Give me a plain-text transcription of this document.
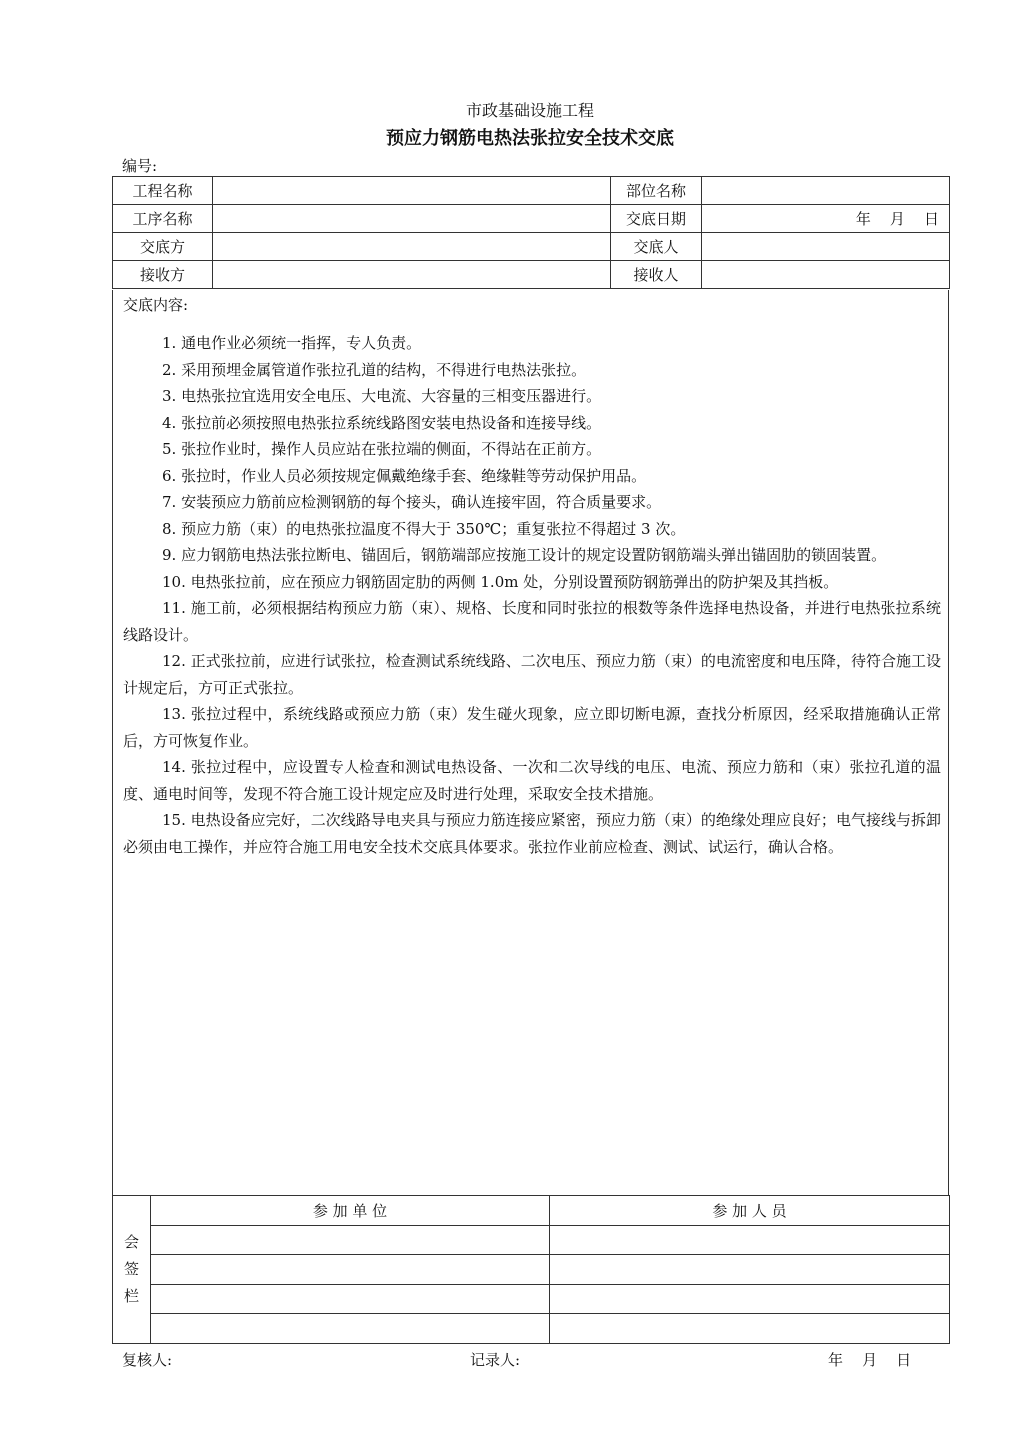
市政基础设施工程
预应力钢筋电热法张拉安全技术交底
编号:
工程名称		部位名称	
工序名称		交底日期	年    月    日
交底方		交底人	
接收方		接收人	
交底内容:

1. 通电作业必须统一指挥，专人负责。

2. 采用预埋金属管道作张拉孔道的结构，不得进行电热法张拉。

3. 电热张拉宜选用安全电压、大电流、大容量的三相变压器进行。

4. 张拉前必须按照电热张拉系统线路图安装电热设备和连接导线。

5. 张拉作业时，操作人员应站在张拉端的侧面，不得站在正前方。

6. 张拉时，作业人员必须按规定佩戴绝缘手套、绝缘鞋等劳动保护用品。

7. 安装预应力筋前应检测钢筋的每个接头，确认连接牢固，符合质量要求。

8. 预应力筋（束）的电热张拉温度不得大于 350℃；重复张拉不得超过 3 次。

9. 应力钢筋电热法张拉断电、锚固后，钢筋端部应按施工设计的规定设置防钢筋端头弹出锚固肋的锁固装置。

10. 电热张拉前，应在预应力钢筋固定肋的两侧 1.0m 处，分别设置预防钢筋弹出的防护架及其挡板。

11. 施工前，必须根据结构预应力筋（束）、规格、长度和同时张拉的根数等条件选择电热设备，并进行电热张拉系统线路设计。

12. 正式张拉前，应进行试张拉，检查测试系统线路、二次电压、预应力筋（束）的电流密度和电压降，待符合施工设计规定后，方可正式张拉。

13. 张拉过程中，系统线路或预应力筋（束）发生碰火现象，应立即切断电源，查找分析原因，经采取措施确认正常后，方可恢复作业。

14. 张拉过程中，应设置专人检查和测试电热设备、一次和二次导线的电压、电流、预应力筋和（束）张拉孔道的温度、通电时间等，发现不符合施工设计规定应及时进行处理，采取安全技术措施。

15. 电热设备应完好，二次线路导电夹具与预应力筋连接应紧密，预应力筋（束）的绝缘处理应良好；电气接线与拆卸必须由电工操作，并应符合施工用电安全技术交底具体要求。张拉作业前应检查、测试、试运行，确认合格。

会
签
栏	参 加 单 位	参 加 人 员

复核人:	记录人:	年    月    日
